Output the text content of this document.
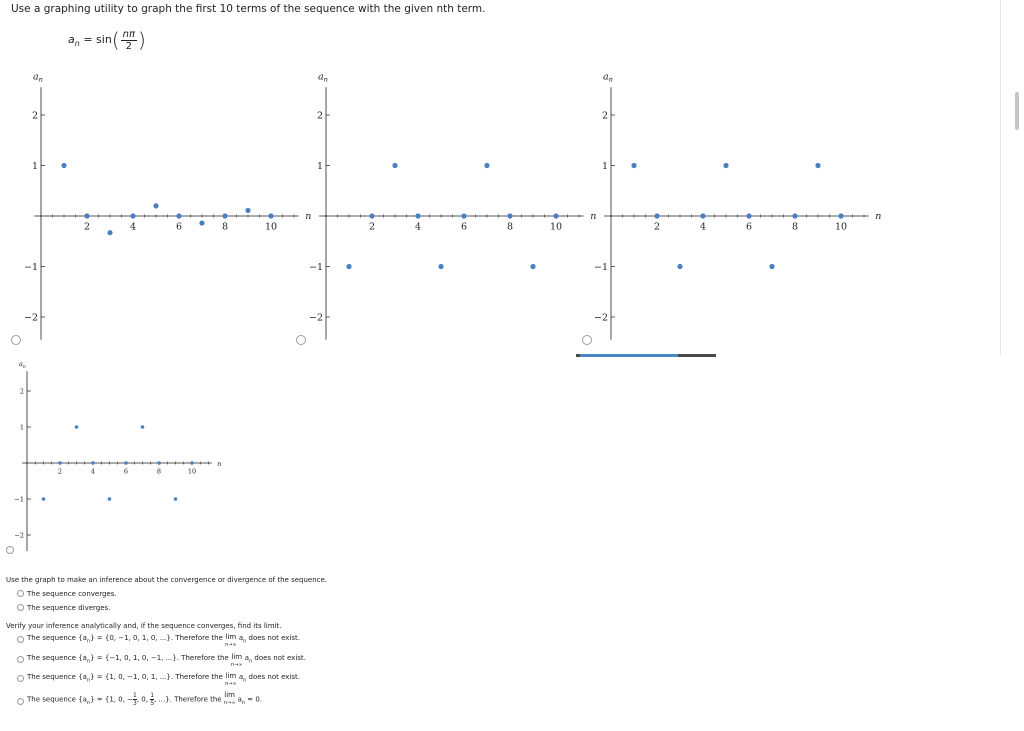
Use a graphing utility to graph the first 10 terms of the sequence with the given nth term.
$a_n = \sin( \frac{n\pi}{2}$ )
2	4	6	8	10
2
1
−1
−2
n
$a_n$
2	4	6	8	10
2
1
−1
−2
n
$a_n$
2	4	6	8	10
2
1
−1
−2
n
$a_n$
2	4	6	8	10
2
1
−1
−2
n
$a_n$
Use the graph to make an inference about the convergence or divergence of the sequence.
The sequence converges.
The sequence diverges.
Verify your inference analytically and, if the sequence converges, find its limit.
The sequence $\{a_n\} = \{0$, −1, 0, 1, 0, ...}. Therefore the lim
n→∞ $a_n$ does not exist.
The sequence $\{a_n\} = \{-1$, 0, 1, 0, −1, ...}. Therefore the lim
n→∞ $a_n$ does not exist.
The sequence $\{a_n\} = \{1$, 0, −1, 0, 1, ...}. Therefore the lim
n→∞ $a_n$ does not exist.
The sequence $\{a_n\} = \{1$, 0, − $\frac{1}{3}$, 0, $\frac{1}{5}$, ...}. Therefore the lim
n→∞ $a_n = 0$.
